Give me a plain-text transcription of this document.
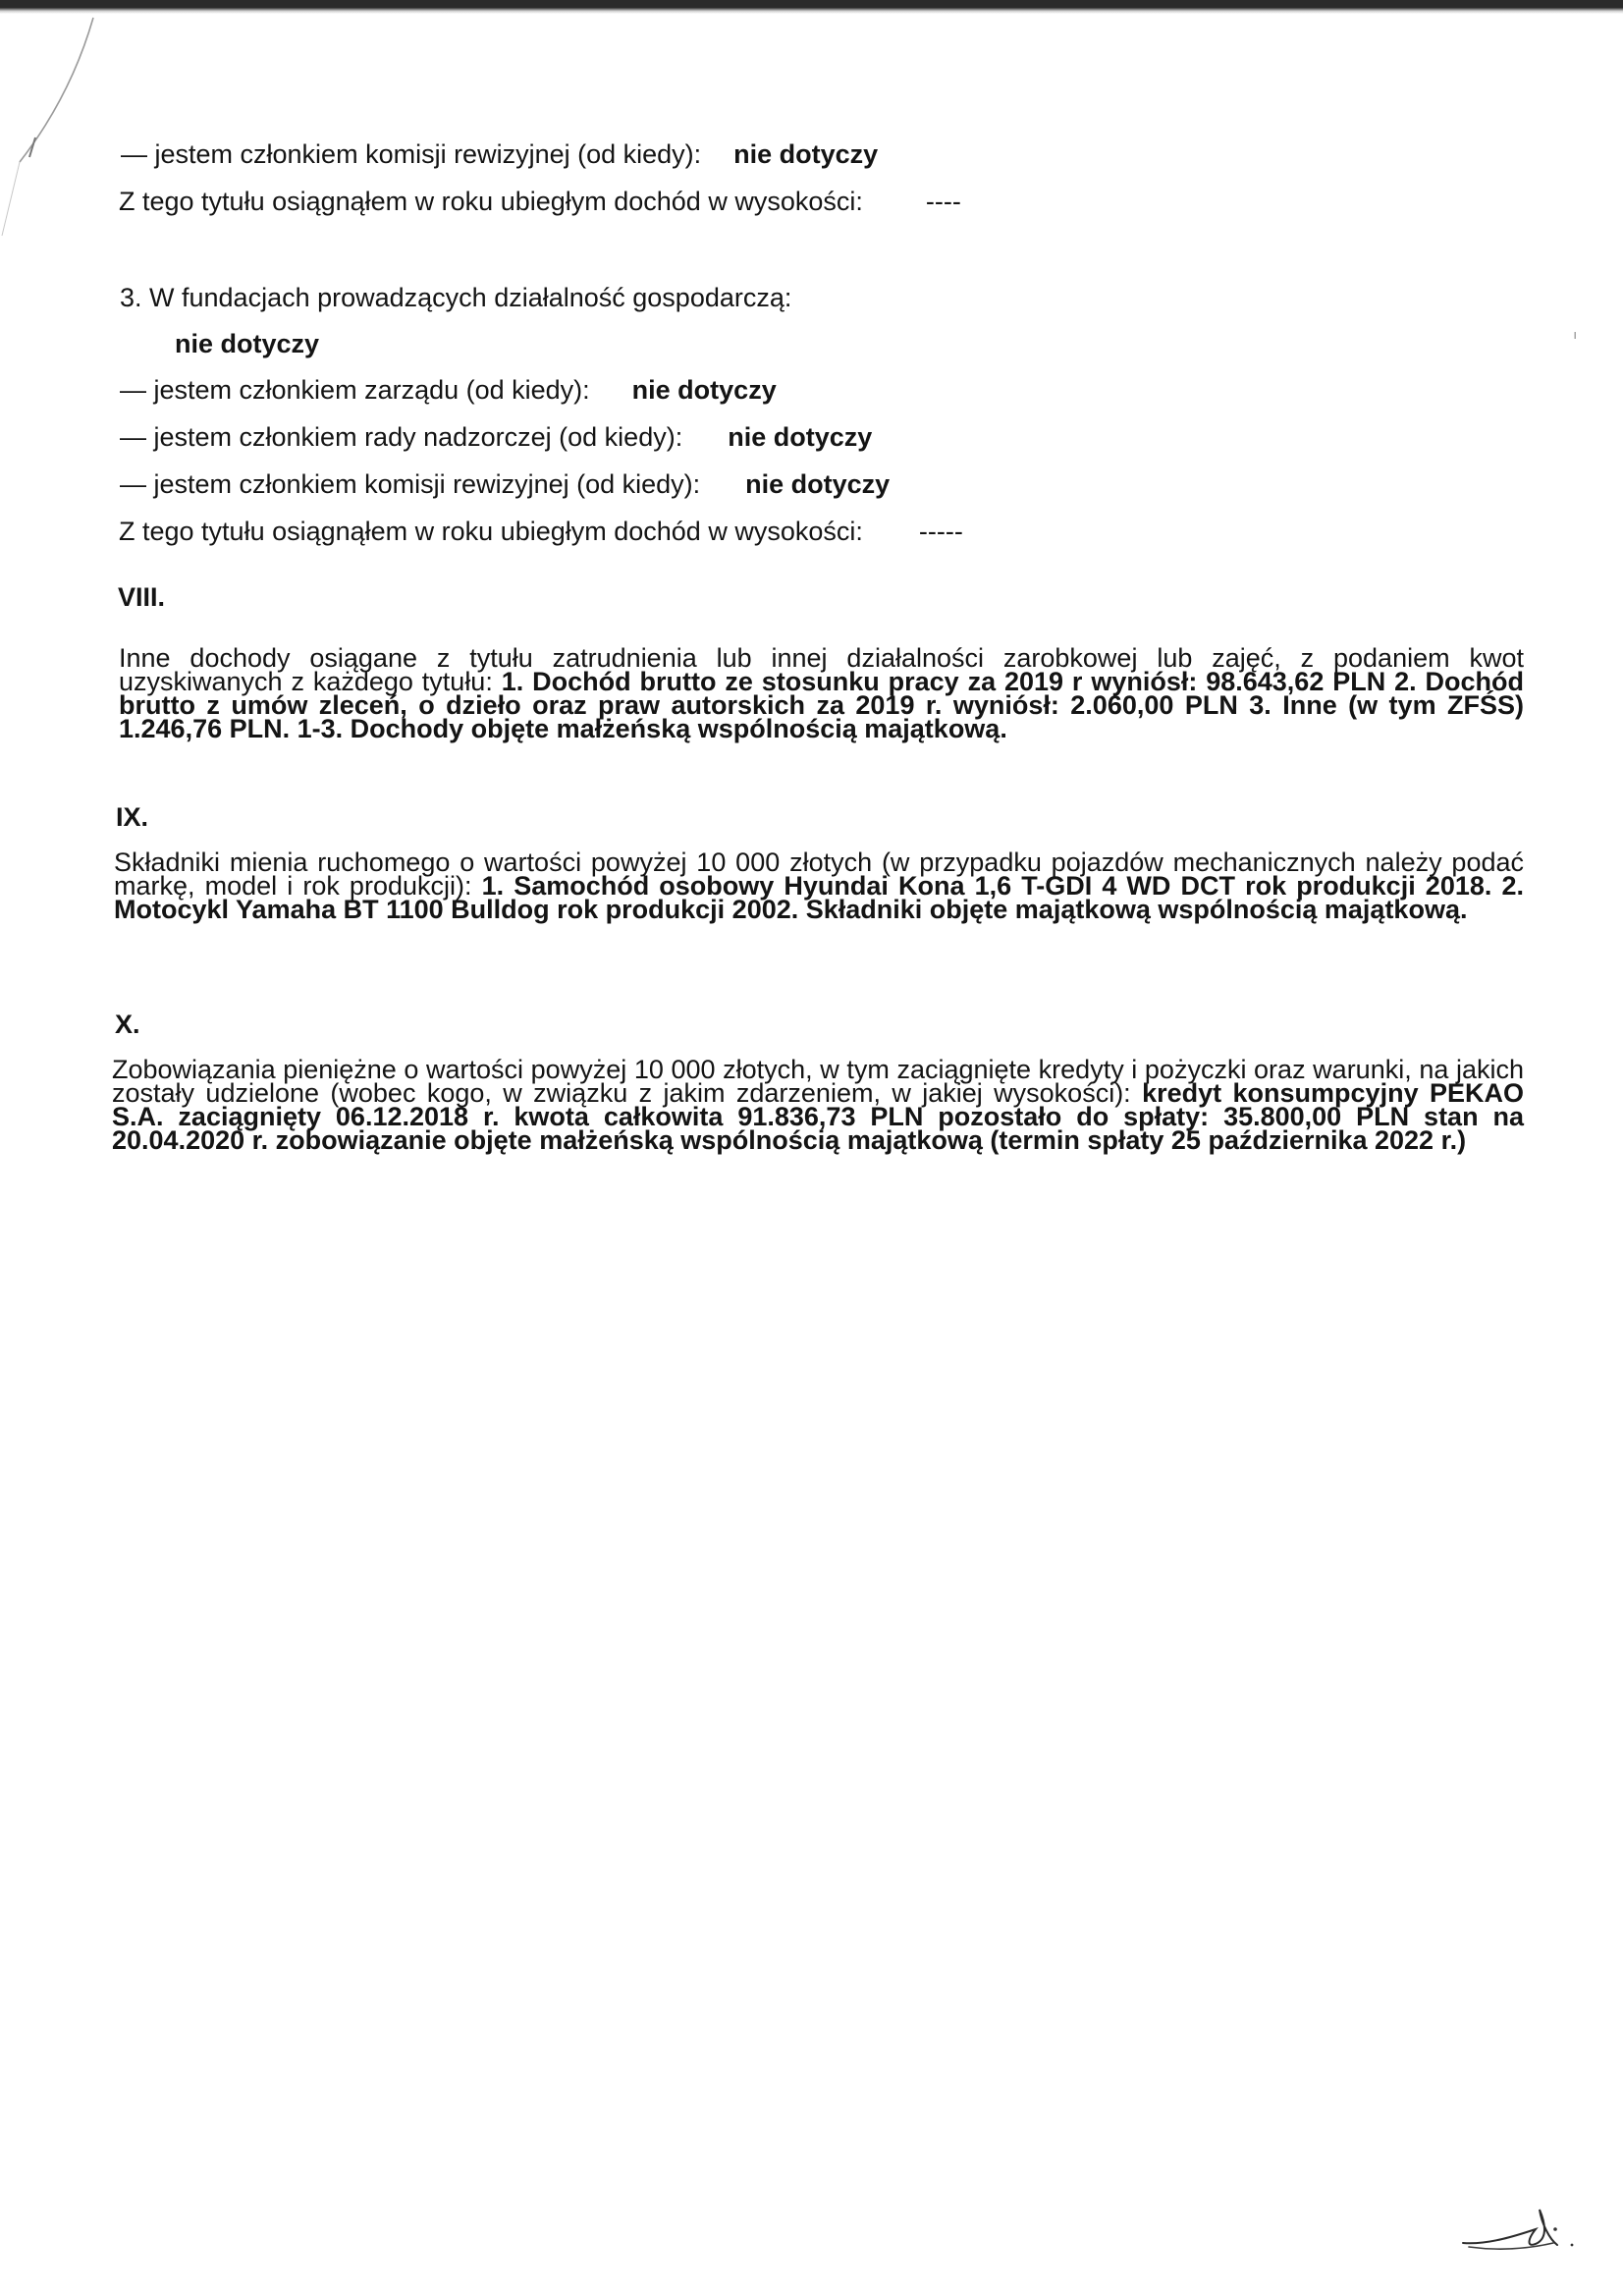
ı
— jestem członkiem komisji rewizyjnej (od kiedy): nie dotyczy
Z tego tytułu osiągnąłem w roku ubiegłym dochód w wysokości: ----
3. W fundacjach prowadzących działalność gospodarczą:
nie dotyczy
— jestem członkiem zarządu (od kiedy): nie dotyczy
— jestem członkiem rady nadzorczej (od kiedy): nie dotyczy
— jestem członkiem komisji rewizyjnej (od kiedy): nie dotyczy
Z tego tytułu osiągnąłem w roku ubiegłym dochód w wysokości: -----
VIII.
Inne dochody osiągane z tytułu zatrudnienia lub innej działalności zarobkowej lub zajęć, z podaniem kwot uzyskiwanych z każdego tytułu: 1. Dochód brutto ze stosunku pracy za 2019 r wyniósł: 98.643,62 PLN 2. Dochód brutto z umów zleceń, o dzieło oraz praw autorskich za 2019 r. wyniósł: 2.060,00 PLN 3. Inne (w tym ZFŚS) 1.246,76 PLN. 1-3. Dochody objęte małżeńską wspólnością majątkową.
IX.
Składniki mienia ruchomego o wartości powyżej 10 000 złotych (w przypadku pojazdów mechanicznych należy podać markę, model i rok produkcji): 1. Samochód osobowy Hyundai Kona 1,6 T-GDI 4 WD DCT rok produkcji 2018. 2. Motocykl Yamaha BT 1100 Bulldog rok produkcji 2002. Składniki objęte majątkową wspólnością majątkową.
X.
Zobowiązania pieniężne o wartości powyżej 10 000 złotych, w tym zaciągnięte kredyty i pożyczki oraz warunki, na jakich zostały udzielone (wobec kogo, w związku z jakim zdarzeniem, w jakiej wysokości): kredyt konsumpcyjny PEKAO S.A. zaciągnięty 06.12.2018 r. kwota całkowita 91.836,73 PLN pozostało do spłaty: 35.800,00 PLN stan na 20.04.2020 r. zobowiązanie objęte małżeńską wspólnością majątkową (termin spłaty 25 października 2022 r.)
